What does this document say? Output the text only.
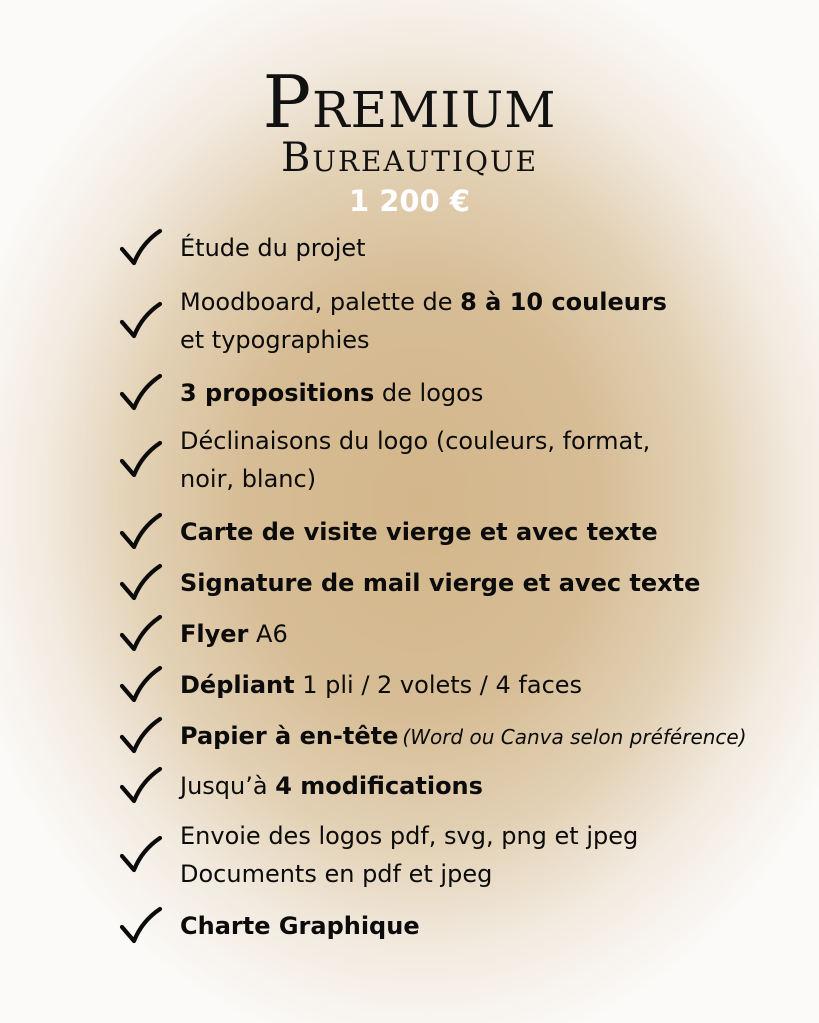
Premium
Bureautique
1 200 €
Étude du projet
Moodboard, palette de 8 à 10 couleurs
et typographies
3 propositions de logos
Déclinaisons du logo (couleurs, format,
noir, blanc)
Carte de visite vierge et avec texte
Signature de mail vierge et avec texte
Flyer A6
Dépliant 1 pli / 2 volets / 4 faces
Papier à en-tête (Word ou Canva selon préférence)
Jusqu’à 4 modifications
Envoie des logos pdf, svg, png et jpeg
Documents en pdf et jpeg
Charte Graphique
